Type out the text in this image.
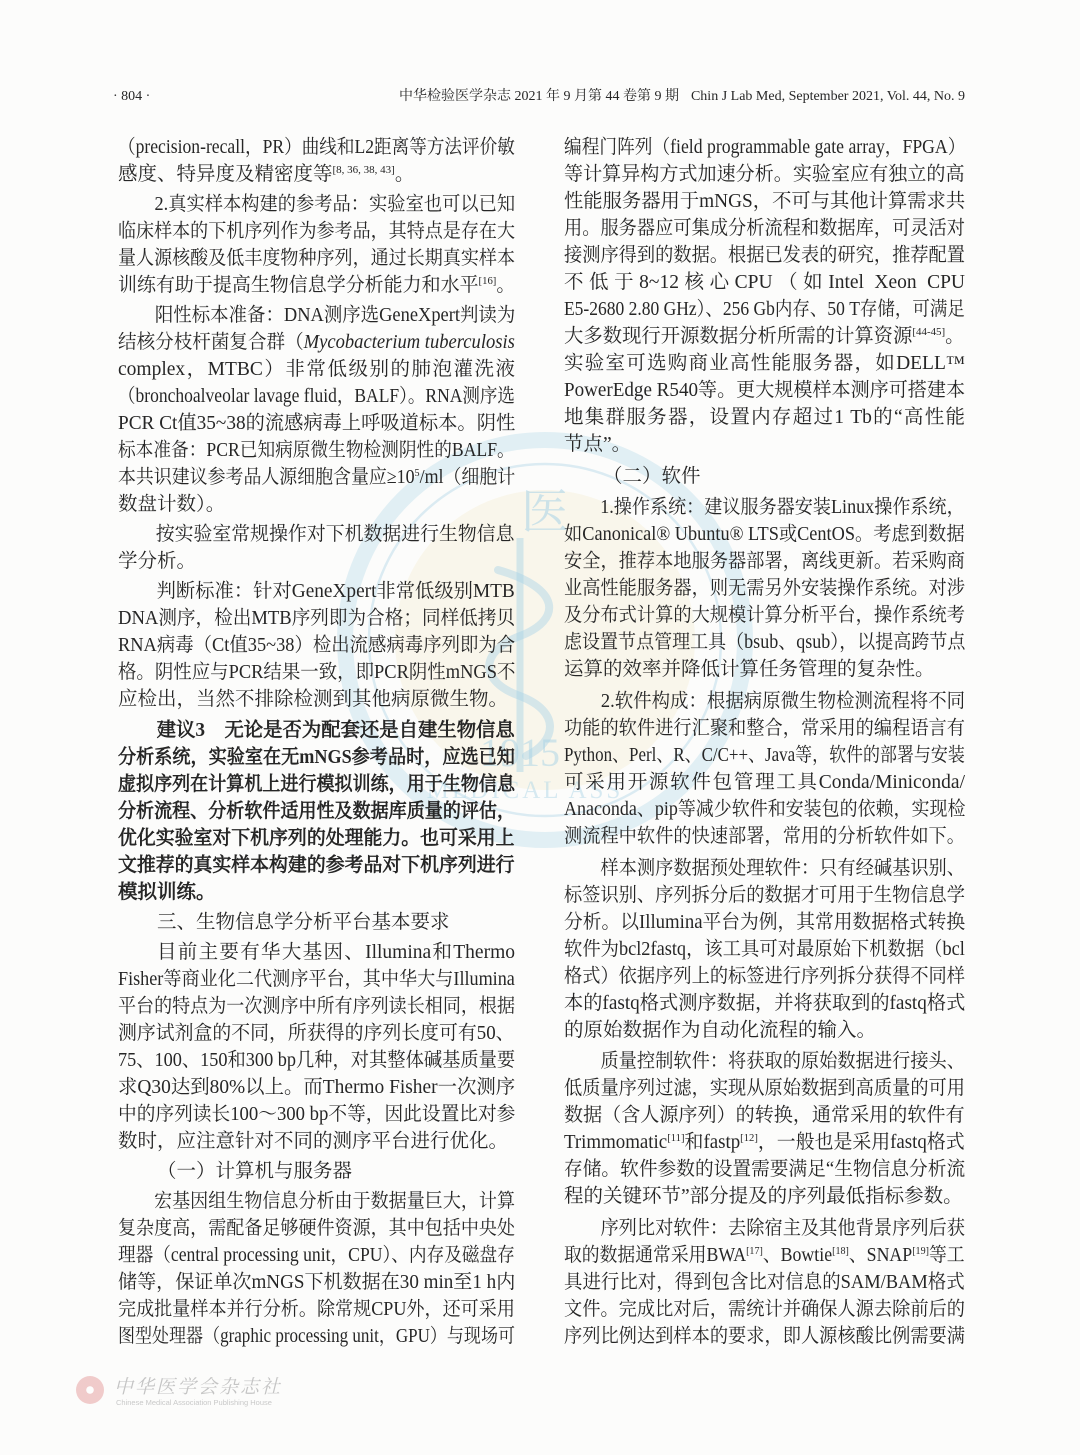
· 804 ·	中华检验医学杂志 2021 年 9 月第 44 卷第 9 期 Chin J Lab Med, September 2021, Vol. 44, No. 9
医
1915
MEDICAL ASS
（precision-recall，PR）曲线和L2距离等方法评价敏
感度、特异度及精密度等[8, 36, 38, 43]。
2.真实样本构建的参考品：实验室也可以已知
临床样本的下机序列作为参考品，其特点是存在大
量人源核酸及低丰度物种序列，通过长期真实样本
训练有助于提高生物信息学分析能力和水平[16]。
阳性标本准备：DNA测序选GeneXpert判读为
结核分枝杆菌复合群（Mycobacterium tuberculosis
complex，MTBC）非常低级别的肺泡灌洗液
（bronchoalveolar lavage fluid，BALF）。RNA测序选
PCR Ct值35~38的流感病毒上呼吸道标本。阴性
标本准备：PCR已知病原微生物检测阴性的BALF。
本共识建议参考品人源细胞含量应$\ge 10^5/ml$（细胞计
数盘计数）。
按实验室常规操作对下机数据进行生物信息
学分析。
判断标准：针对GeneXpert非常低级别MTB
DNA测序，检出MTB序列即为合格；同样低拷贝
RNA病毒（Ct值35~38）检出流感病毒序列即为合
格。阴性应与PCR结果一致，即PCR阴性mNGS不
应检出，当然不排除检测到其他病原微生物。
建议3　无论是否为配套还是自建生物信息
分析系统，实验室在无mNGS参考品时，应选已知
虚拟序列在计算机上进行模拟训练，用于生物信息
分析流程、分析软件适用性及数据库质量的评估，
优化实验室对下机序列的处理能力。也可采用上
文推荐的真实样本构建的参考品对下机序列进行
模拟训练。
三、生物信息学分析平台基本要求
目前主要有华大基因、Illumina和Thermo
Fisher等商业化二代测序平台，其中华大与Illumina
平台的特点为一次测序中所有序列读长相同，根据
测序试剂盒的不同，所获得的序列长度可有50、
75、100、150和300 bp几种，对其整体碱基质量要
求Q30达到80%以上。而Thermo Fisher一次测序
中的序列读长100～300 bp不等，因此设置比对参
数时，应注意针对不同的测序平台进行优化。
（一）计算机与服务器
宏基因组生物信息分析由于数据量巨大，计算
复杂度高，需配备足够硬件资源，其中包括中央处
理器（central processing unit，CPU）、内存及磁盘存
储等，保证单次mNGS下机数据在30 min至1 h内
完成批量样本并行分析。除常规CPU外，还可采用
图型处理器（graphic processing unit，GPU）与现场可
编程门阵列（field programmable gate array，FPGA）
等计算异构方式加速分析。实验室应有独立的高
性能服务器用于mNGS，不可与其他计算需求共
用。服务器应可集成分析流程和数据库，可灵活对
接测序得到的数据。根据已发表的研究，推荐配置
不低于8~12核心CPU（如Intel Xeon CPU
E5-2680 2.80 GHz）、256 Gb内存、50 T存储，可满足
大多数现行开源数据分析所需的计算资源[44-45]。
实验室可选购商业高性能服务器，如DELL™
PowerEdge R540等。更大规模样本测序可搭建本
地集群服务器，设置内存超过1 Tb的“高性能
节点”。
（二）软件
1.操作系统：建议服务器安装Linux操作系统，
如Canonical® Ubuntu® LTS或CentOS。考虑到数据
安全，推荐本地服务器部署，离线更新。若采购商
业高性能服务器，则无需另外安装操作系统。对涉
及分布式计算的大规模计算分析平台，操作系统考
虑设置节点管理工具（bsub、qsub），以提高跨节点
运算的效率并降低计算任务管理的复杂性。
2.软件构成：根据病原微生物检测流程将不同
功能的软件进行汇聚和整合，常采用的编程语言有
Python、Perl、R、C/C++、Java等，软件的部署与安装
可采用开源软件包管理工具Conda/Miniconda/
Anaconda、pip等减少软件和安装包的依赖，实现检
测流程中软件的快速部署，常用的分析软件如下。
样本测序数据预处理软件：只有经碱基识别、
标签识别、序列拆分后的数据才可用于生物信息学
分析。以Illumina平台为例，其常用数据格式转换
软件为bcl2fastq，该工具可对最原始下机数据（bcl
格式）依据序列上的标签进行序列拆分获得不同样
本的fastq格式测序数据，并将获取到的fastq格式
的原始数据作为自动化流程的输入。
质量控制软件：将获取的原始数据进行接头、
低质量序列过滤，实现从原始数据到高质量的可用
数据（含人源序列）的转换，通常采用的软件有
Trimmomatic[11]和fastp[12]，一般也是采用fastq格式
存储。软件参数的设置需要满足“生物信息分析流
程的关键环节”部分提及的序列最低指标参数。
序列比对软件：去除宿主及其他背景序列后获
取的数据通常采用BWA[17]、Bowtie[18]、SNAP[19]等工
具进行比对，得到包含比对信息的SAM/BAM格式
文件。完成比对后，需统计并确保人源去除前后的
序列比例达到样本的要求，即人源核酸比例需要满
中华医学会杂志社
Chinese Medical Association Publishing House
